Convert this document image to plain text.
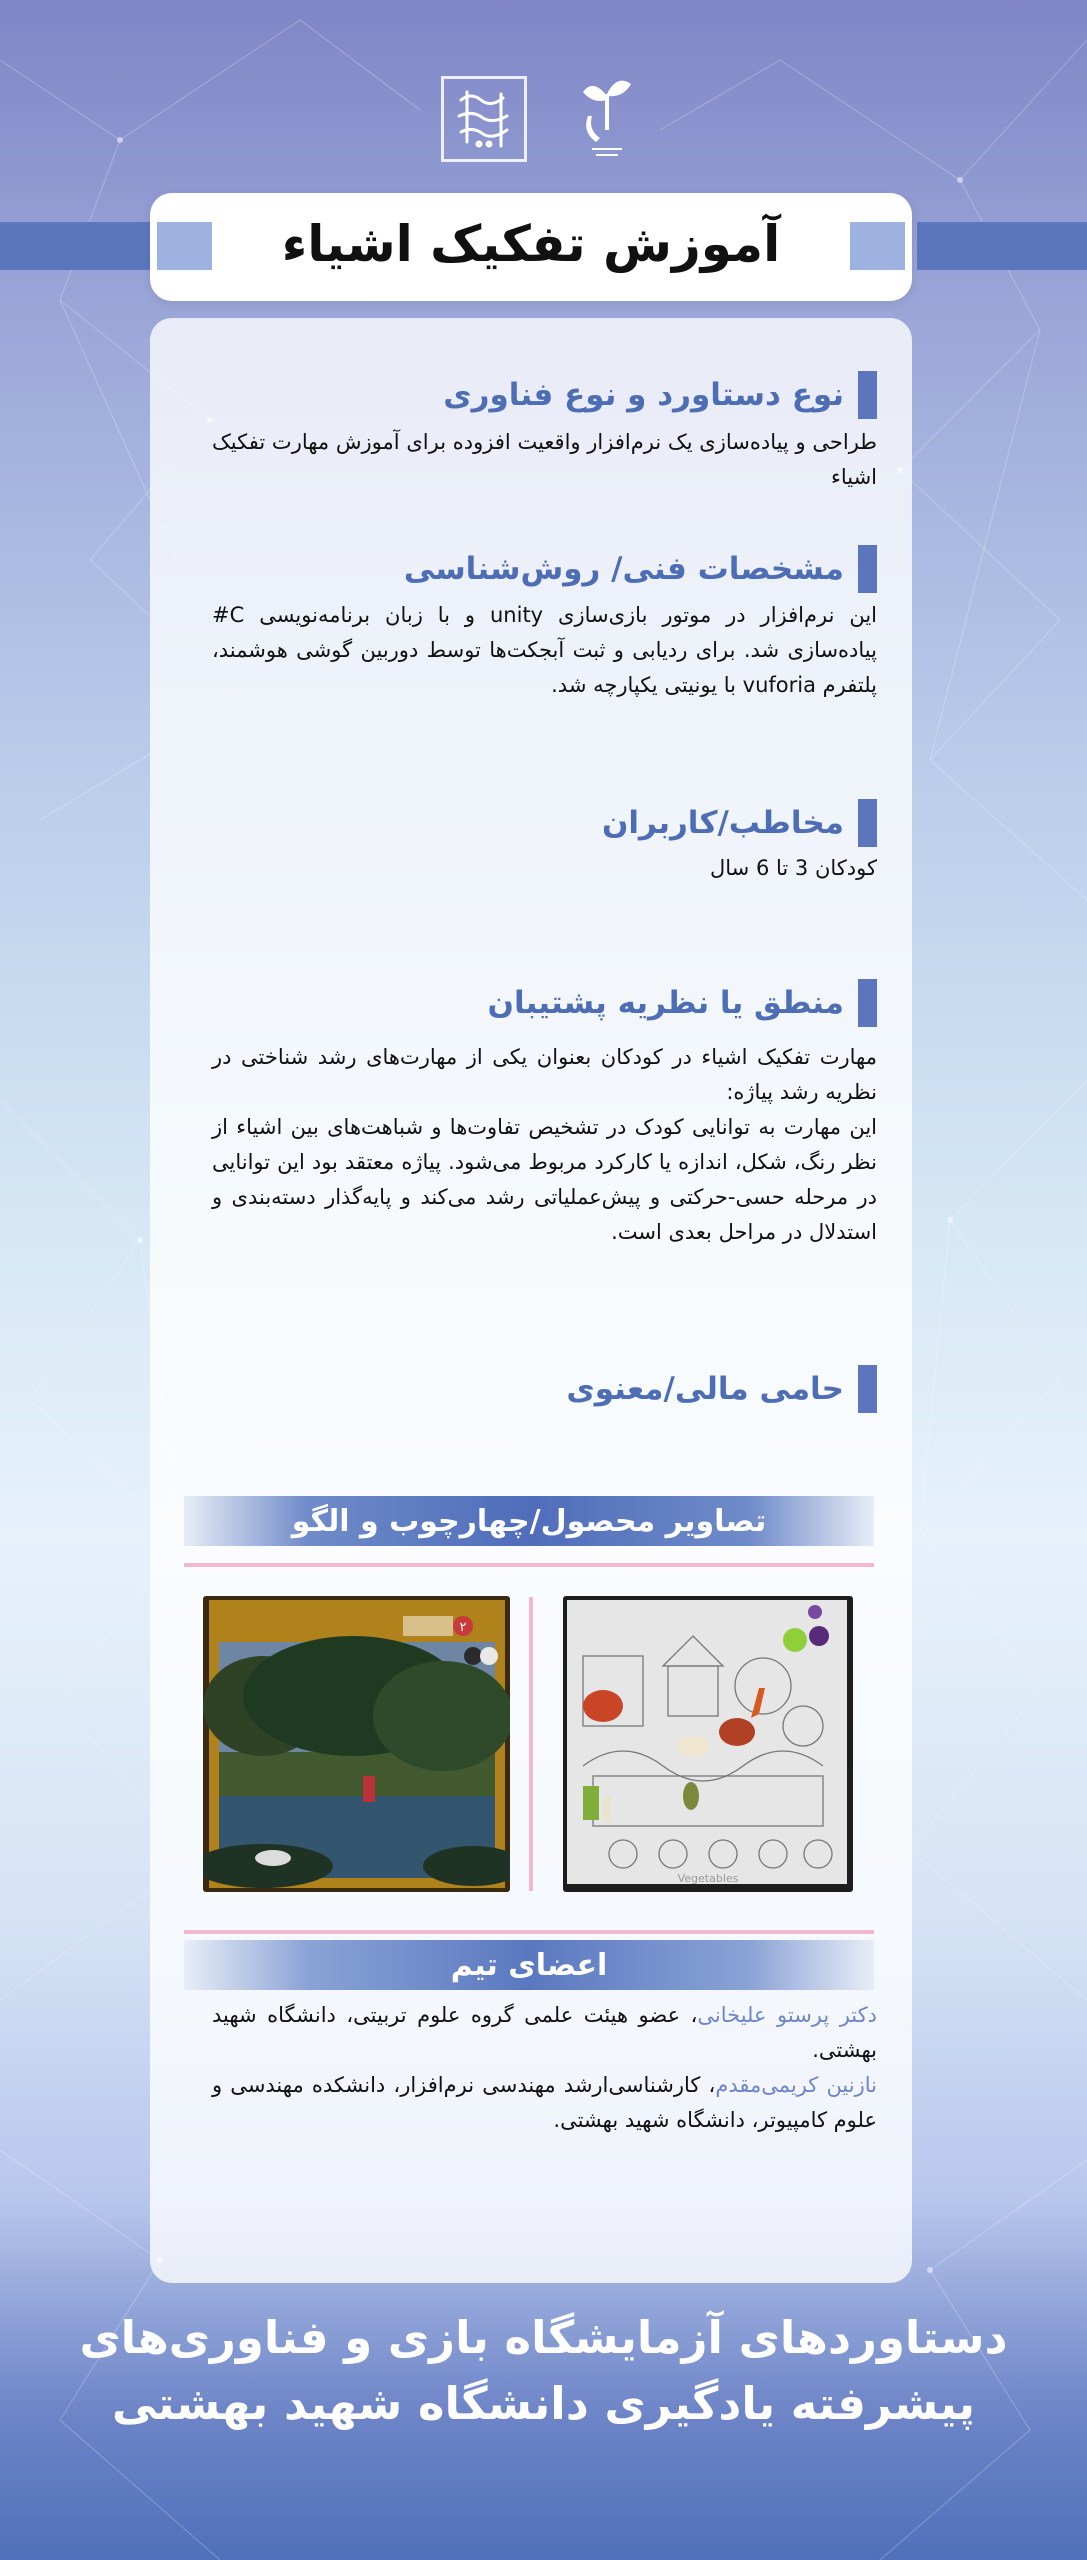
آموزش تفکیک اشیاء
نوع دستاورد و نوع فناوری
طراحی و پیاده‌سازی یک نرم‌افزار واقعیت افزوده برای آموزش مهارت تفکیک اشیاء
مشخصات فنی/ روش‌شناسی
این نرم‌افزار در موتور بازی‌سازی unity و با زبان برنامه‌نویسی C# پیاده‌سازی شد. برای ردیابی و ثبت آبجکت‌ها توسط دوربین گوشی هوشمند، پلتفرم vuforia با یونیتی یکپارچه شد.
مخاطب/کاربران
کودکان 3 تا 6 سال
منطق یا نظریه پشتیبان
مهارت تفکیک اشیاء در کودکان بعنوان یکی از مهارت‌های رشد شناختی در نظریه رشد پیاژه:
این مهارت به توانایی کودک در تشخیص تفاوت‌ها و شباهت‌های بین اشیاء از نظر رنگ، شکل، اندازه یا کارکرد مربوط می‌شود. پیاژه معتقد بود این توانایی در مرحله حسی-حرکتی و پیش‌عملیاتی رشد می‌کند و پایه‌گذار دسته‌بندی و استدلال در مراحل بعدی است.
حامی مالی/معنوی
تصاویر محصول/چهارچوب و الگو
۲
Vegetables
اعضای تیم
دکتر پرستو علیخانی، عضو هیئت علمی گروه علوم تربیتی، دانشگاه شهید بهشتی.
نازنین کریمی‌مقدم، کارشناسی‌ارشد مهندسی نرم‌افزار، دانشکده مهندسی و علوم کامپیوتر، دانشگاه شهید بهشتی.
دستاوردهای آزمایشگاه بازی و فناوری‌های
پیشرفته یادگیری دانشگاه شهید بهشتی
